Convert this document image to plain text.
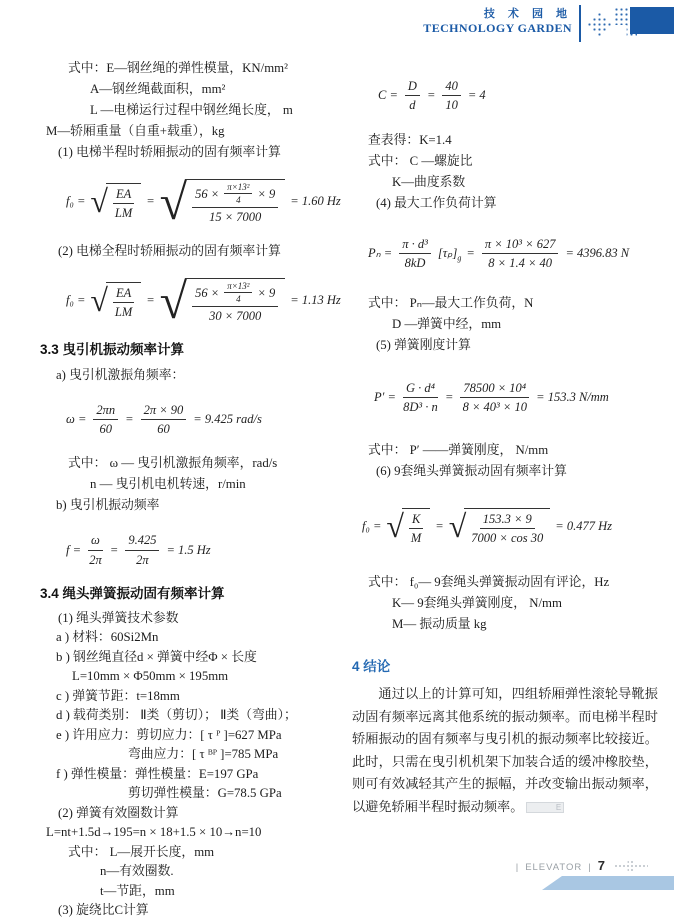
技 术 园 地
TECHNOLOGY GARDEN
式中：E—钢丝绳的弹性模量，KN/mm²
A—钢丝绳截面积，mm²
L —电梯运行过程中钢丝绳长度， m
M—轿厢重量（自重+载重），kg
(1) 电梯半程时轿厢振动的固有频率计算
f₀ = √ $\frac{EA}{LM}$ = √ $\frac{56 \times \frac{\text{π×13²}}{4} \times 9}{15 \times 7000} = 1.60$ Hz
(2) 电梯全程时轿厢振动的固有频率计算
f₀ = √ $\frac{EA}{LM}$ = √ $\frac{56 \times \frac{\text{π×13²}}{4} \times 9}{30 \times 7000} = 1.13$ Hz
3.3 曳引机振动频率计算
a) 曳引机激振角频率：
$\omega = \frac{2\pi n}{60} = \frac{2\pi \times 90}{60} = 9.425$ rad/s
式中： ω — 曳引机激振角频率，rad/s
n — 曳引机电机转速，r/min
b) 曳引机振动频率
$f = \frac{\omega}{2\pi} = \frac{9.425}{2\pi} = 1.5$ Hz
3.4 绳头弹簧振动固有频率计算
(1) 绳头弹簧技术参数
a ) 材料：60Si2Mn
b ) 钢丝绳直径d × 弹簧中经Φ × 长度
L=10mm × Φ50mm × 195mm
c ) 弹簧节距：t=18mm
d ) 载荷类别： Ⅱ类（剪切）； Ⅱ类（弯曲）；
e ) 许用应力：剪切应力：[ τ ᴾ ]=627 MPa
弯曲应力：[ τ ᴮᴾ ]=785 MPa
f ) 弹性模量：弹性模量：E=197 GPa
剪切弹性模量：G=78.5 GPa
(2) 弹簧有效圈数计算
L=nt+1.5d→195=n × 18+1.5 × 10→n=10
式中： L—展开长度，mm
n—有效圈数.
t—节距，mm
(3) 旋绕比C计算
$C = \frac{D}{d} = \frac{40}{10} = 4$
查表得：K=1.4
式中： C —螺旋比
K—曲度系数
(4) 最大工作负荷计算
$P_n = \frac{\text{π · d³}}{8kD} [\tau_p]_g = \frac{\text{π × 10³ × 627}}{8 \times 1.4 \times 40} = 4396.83$ N
式中： Pₙ—最大工作负荷，N
D —弹簧中经，mm
(5) 弹簧刚度计算
$P' = \frac{\text{G · d⁴}}{\text{8D³ · n}} = \frac{\text{78500 × 10⁴}}{\text{8 × 40³ × 10}} = 153.3$ N/mm
式中： P′ ——弹簧刚度， N/mm
(6) 9套绳头弹簧振动固有频率计算
f₀ = √ $\frac{K}{M}$ = √ $\frac{153.3 \times 9}{7000 \times \cos 30} = 0.477$ Hz
式中： f₀— 9套绳头弹簧振动固有评论，Hz
K— 9套绳头弹簧刚度， N/mm
M— 振动质量 kg
4 结论
通过以上的计算可知，四组轿厢弹性滚轮导靴振动固有频率远离其他系统的振动频率。而电梯半程时轿厢振动的固有频率与曳引机的振动频率比较接近。此时，只需在曳引机机架下加装合适的缓冲橡胶垫，则可有效减轻其产生的振幅，并改变输出振动频率，以避免轿厢半程时振动频率。	E
| ELEVATOR | 7
